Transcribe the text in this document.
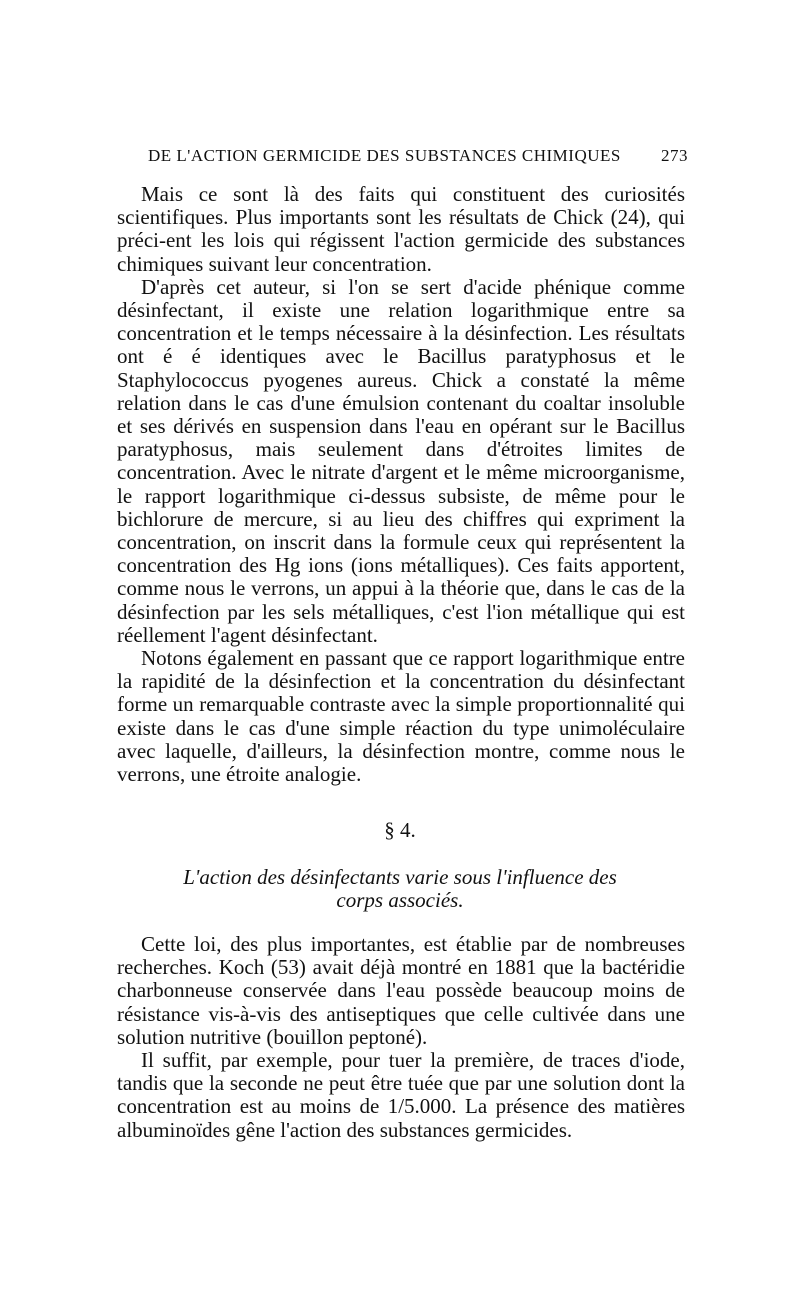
DE L'ACTION GERMICIDE DES SUBSTANCES CHIMIQUES 273

Mais ce sont là des faits qui constituent des curiosités scientifiques. Plus importants sont les résultats de Chick (24), qui préci-ent les lois qui régissent l'action germicide des substances chimiques suivant leur concentration.

D'après cet auteur, si l'on se sert d'acide phénique comme désinfectant, il existe une relation logarithmique entre sa concentration et le temps nécessaire à la désinfection. Les résultats ont é é identiques avec le Bacillus paratyphosus et le Staphylococcus pyogenes aureus. Chick a constaté la même relation dans le cas d'une émulsion contenant du coaltar insoluble et ses dérivés en suspension dans l'eau en opérant sur le Bacillus paratyphosus, mais seulement dans d'étroites limites de concentration. Avec le nitrate d'argent et le même microorganisme, le rapport logarithmique ci-dessus subsiste, de même pour le bichlorure de mercure, si au lieu des chiffres qui expriment la concentration, on inscrit dans la formule ceux qui représentent la concentration des Hg ions (ions métalliques). Ces faits apportent, comme nous le verrons, un appui à la théorie que, dans le cas de la désinfection par les sels métalliques, c'est l'ion métallique qui est réellement l'agent désinfectant.

Notons également en passant que ce rapport logarithmique entre la rapidité de la désinfection et la concentration du désinfectant forme un remarquable contraste avec la simple proportionnalité qui existe dans le cas d'une simple réaction du type unimoléculaire avec laquelle, d'ailleurs, la désinfection montre, comme nous le verrons, une étroite analogie.

§ 4.
L'action des désinfectants varie sous l'influence des
corps associés.

Cette loi, des plus importantes, est établie par de nombreuses recherches. Koch (53) avait déjà montré en 1881 que la bactéridie charbonneuse conservée dans l'eau possède beaucoup moins de résistance vis-à-vis des antiseptiques que celle cultivée dans une solution nutritive (bouillon peptoné).

Il suffit, par exemple, pour tuer la première, de traces d'iode, tandis que la seconde ne peut être tuée que par une solution dont la concentration est au moins de 1/5.000. La présence des matières albuminoïdes gêne l'action des substances germicides.
